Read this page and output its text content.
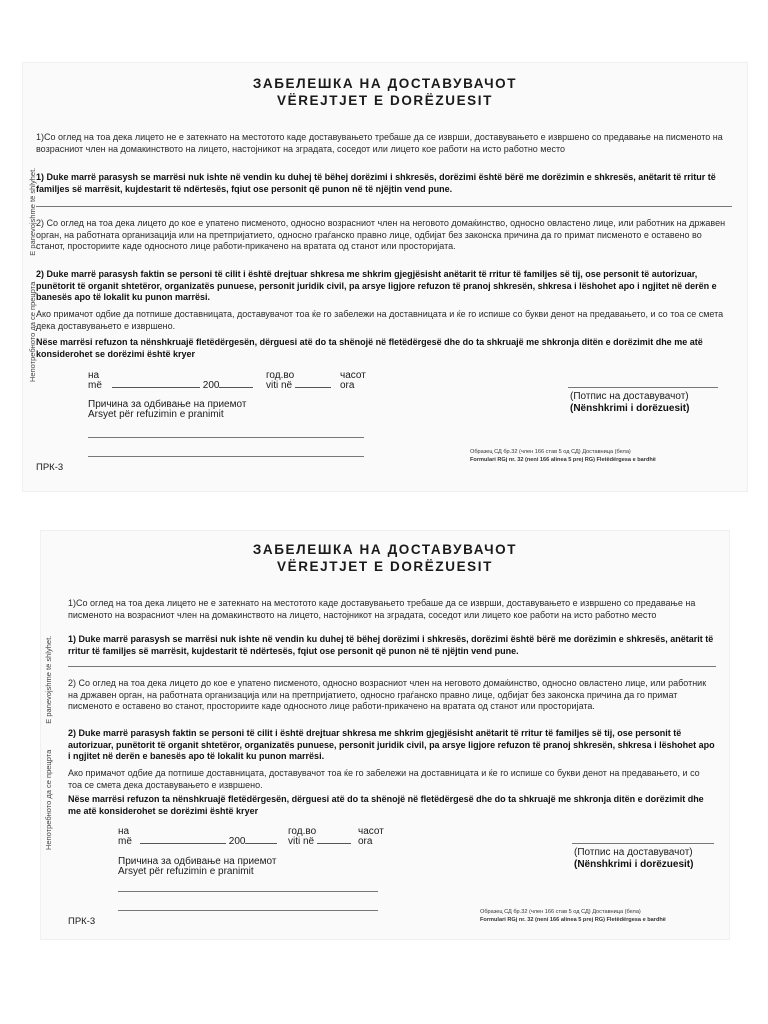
Непотребното да се прецртаE panevojshme të shlyhet.
ЗАБЕЛЕШКА НА ДОСТАВУВАЧОТ
VËREJTJET E DORËZUESIT
1)Со оглед на тоа дека лицето не е затекнато на местотото каде доставувањето требаше да се изврши, доставувањето е извршено со предавање на писмeното на возрасниот член на домакинството на лицето, настојникот на зградата, соседот или лицето кое работи на исто работно место
1) Duke marrë parasysh se marrësi nuk ishte në vendin ku duhej të bëhej dorëzimi i shkresës, dorëzimi është bërë me dorëzimin e shkresës, anëtarit të rritur të familjes së marrësit, kujdestarit të ndërtesës, fqiut ose personit që punon në të njëjtin vend pune.
2) Со оглед на тоа дека лицето до кое е упатено писменото, односно возрасниот член на неговото домаќинство, односно овластено лице, или работник на државен орган, на работната организација или на претпријатието, односно граѓанско правно лице, одбијат без законска причина да го примат писменото е оставено во станот, просториите каде односното лице работи-прикачено на вратата од станот или просторијата.
2) Duke marrë parasysh faktin se personi të cilit i është drejtuar shkresa me shkrim gjegjësisht anëtarit të rritur të familjes së tij, ose personit të autorizuar, punëtorit të organit shtetëror, organizatës punuese, personit juridik civil, pa arsye ligjore refuzon të pranoj shkresën, shkresa i lëshohet apo i ngjitet në derën e banesës apo të lokalit ku punon marrësi.
Ако примачот одбие да потпише доставницата, доставувачот тоа ќе го забележи на доставницата и ќе го испише со букви денот на предавањето, и со тоа се смета дека доставувањето е извршено.
Nëse marrësi refuzon ta nënshkruajë fletëdërgesën, dërguesi atë do ta shënojë në fletëdërgesë dhe do ta shkruajë me shkronja ditën e dorëzimit dhe me atë konsiderohet se dorëzimi është kryer
на
më	200
год.во
viti në
часот
ora
(Потпис на доставувачот)
(Nënshkrimi i dorëzuesit)
Причина за одбивање на приемот
Arsyet për refuzimin e pranimit
Образец СД бр.32 (член 166 став 5 од СД) Доставница (бела)
Formulari RGj nr. 32 (neni 166 alinea 5 prej RG) Fletëdërgesa e bardhë
ПРК-3
Непотребното да се прецртаE panevojshme të shlyhet.
ЗАБЕЛЕШКА НА ДОСТАВУВАЧОТ
VËREJTJET E DORËZUESIT
1)Со оглед на тоа дека лицето не е затекнато на местотото каде доставувањето требаше да се изврши, доставувањето е извршено со предавање на писмeното на возрасниот член на домакинството на лицето, настојникот на зградата, соседот или лицето кое работи на исто работно место
1) Duke marrë parasysh se marrësi nuk ishte në vendin ku duhej të bëhej dorëzimi i shkresës, dorëzimi është bërë me dorëzimin e shkresës, anëtarit të rritur të familjes së marrësit, kujdestarit të ndërtesës, fqiut ose personit që punon në të njëjtin vend pune.
2) Со оглед на тоа дека лицето до кое е упатено писменото, односно возрасниот член на неговото домаќинство, односно овластено лице, или работник на државен орган, на работната организација или на претпријатието, односно граѓанско правно лице, одбијат без законска причина да го примат писменото е оставено во станот, просториите каде односното лице работи-прикачено на вратата од станот или просторијата.
2) Duke marrë parasysh faktin se personi të cilit i është drejtuar shkresa me shkrim gjegjësisht anëtarit të rritur të familjes së tij, ose personit të autorizuar, punëtorit të organit shtetëror, organizatës punuese, personit juridik civil, pa arsye ligjore refuzon të pranoj shkresën, shkresa i lëshohet apo i ngjitet në derën e banesës apo të lokalit ku punon marrësi.
Ако примачот одбие да потпише доставницата, доставувачот тоа ќе го забележи на доставницата и ќе го испише со букви денот на предавањето, и со тоа се смета дека доставувањето е извршено.
Nëse marrësi refuzon ta nënshkruajë fletëdërgesën, dërguesi atë do ta shënojë në fletëdërgesë dhe do ta shkruajë me shkronja ditën e dorëzimit dhe me atë konsiderohet se dorëzimi është kryer
на
më	200
год.во
viti në
часот
ora
(Потпис на доставувачот)
(Nënshkrimi i dorëzuesit)
Причина за одбивање на приемот
Arsyet për refuzimin e pranimit
Образец СД бр.32 (член 166 став 5 од СД) Доставница (бела)
Formulari RGj nr. 32 (neni 166 alinea 5 prej RG) Fletëdërgesa e bardhë
ПРК-3
